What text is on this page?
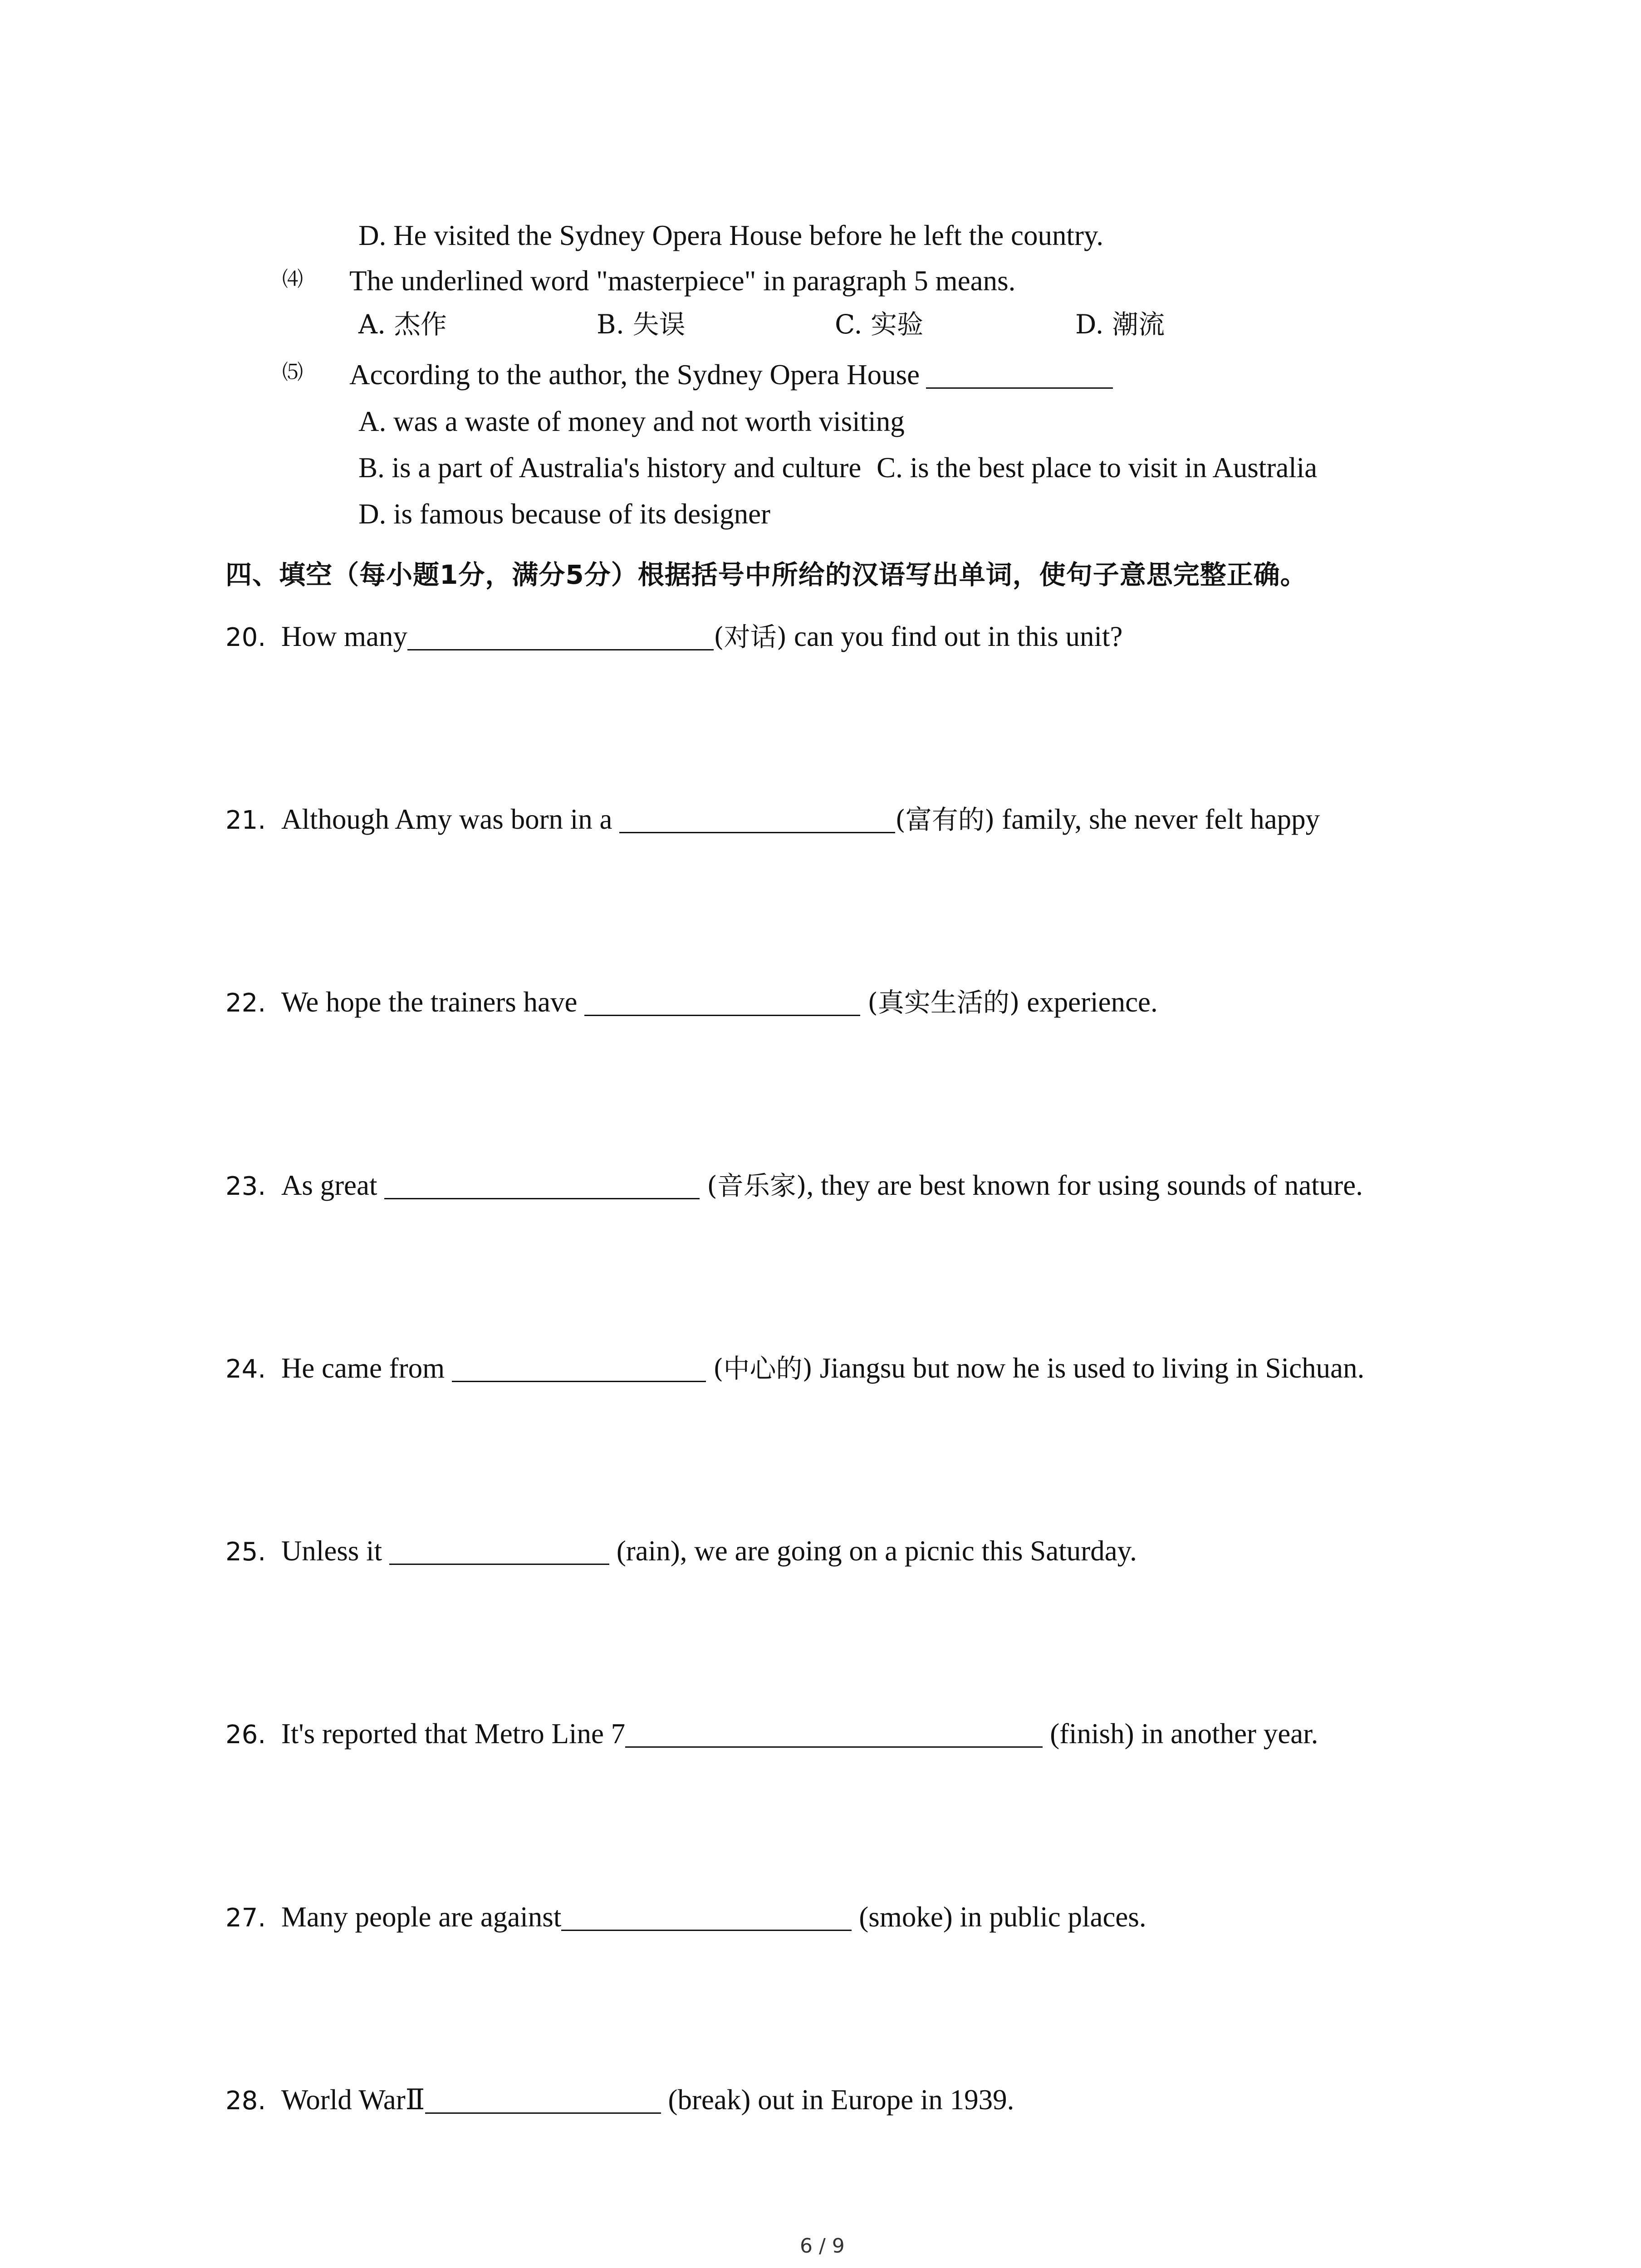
D. He visited the Sydney Opera House before he left the country.
⑷ The underlined word "masterpiece" in paragraph 5 means.
A. 杰作	B. 失误	C. 实验	D. 潮流
⑸ According to the author, the Sydney Opera House
A. was a waste of money and not worth visiting
B. is a part of Australia's history and culture C. is the best place to visit in Australia
D. is famous because of its designer
四、填空（每小题1分，满分5分）根据括号中所给的汉语写出单词，使句子意思完整正确。
20. How many	(对话) can you find out in this unit?
21. Although Amy was born in a	(富有的) family, she never felt happy
22. We hope the trainers have	(真实生活的) experience.
23. As great	(音乐家), they are best known for using sounds of nature.
24. He came from	(中心的) Jiangsu but now he is used to living in Sichuan.
25. Unless it	(rain), we are going on a picnic this Saturday.
26. It's reported that Metro Line 7	(finish) in another year.
27. Many people are against	(smoke) in public places.
28. World WarⅡ	(break) out in Europe in 1939.
6 / 9
